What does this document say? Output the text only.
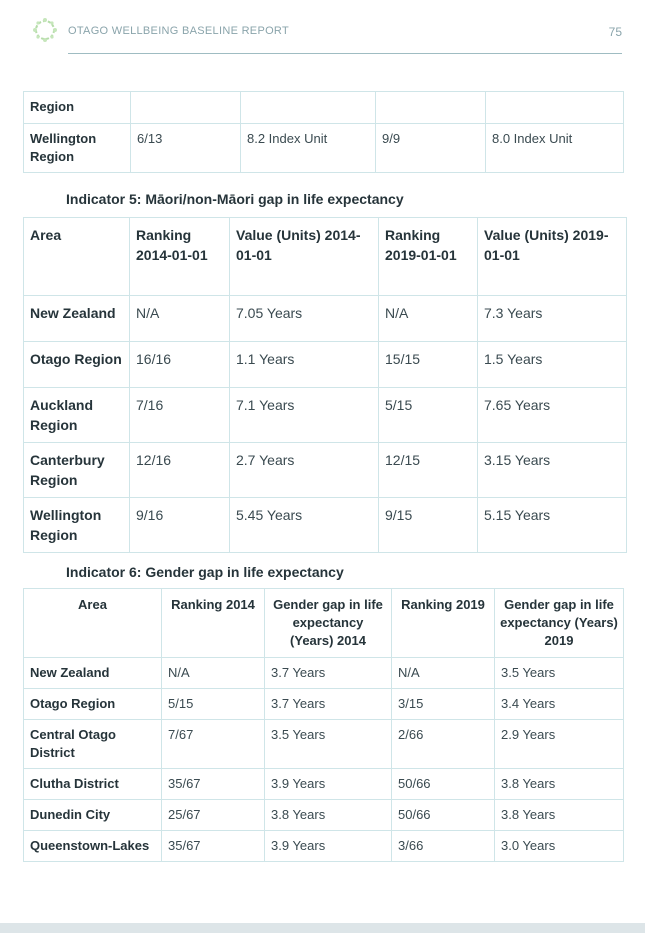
OTAGO WELLBEING BASELINE REPORT	75
Region				
Wellington Region	6/13	8.2 Index Unit	9/9	8.0 Index Unit
Indicator 5: Māori/non-Māori gap in life expectancy
Area	Ranking 2014-01-01	Value (Units) 2014-01-01	Ranking 2019-01-01	Value (Units) 2019-01-01
New Zealand	N/A	7.05 Years	N/A	7.3 Years
Otago Region	16/16	1.1 Years	15/15	1.5 Years
Auckland Region	7/16	7.1 Years	5/15	7.65 Years
Canterbury Region	12/16	2.7 Years	12/15	3.15 Years
Wellington Region	9/16	5.45 Years	9/15	5.15 Years
Indicator 6: Gender gap in life expectancy
Area	Ranking 2014	Gender gap in life expectancy (Years) 2014	Ranking 2019	Gender gap in life expectancy (Years) 2019
New Zealand	N/A	3.7 Years	N/A	3.5 Years
Otago Region	5/15	3.7 Years	3/15	3.4 Years
Central Otago District	7/67	3.5 Years	2/66	2.9 Years
Clutha District	35/67	3.9 Years	50/66	3.8 Years
Dunedin City	25/67	3.8 Years	50/66	3.8 Years
Queenstown-Lakes	35/67	3.9 Years	3/66	3.0 Years
